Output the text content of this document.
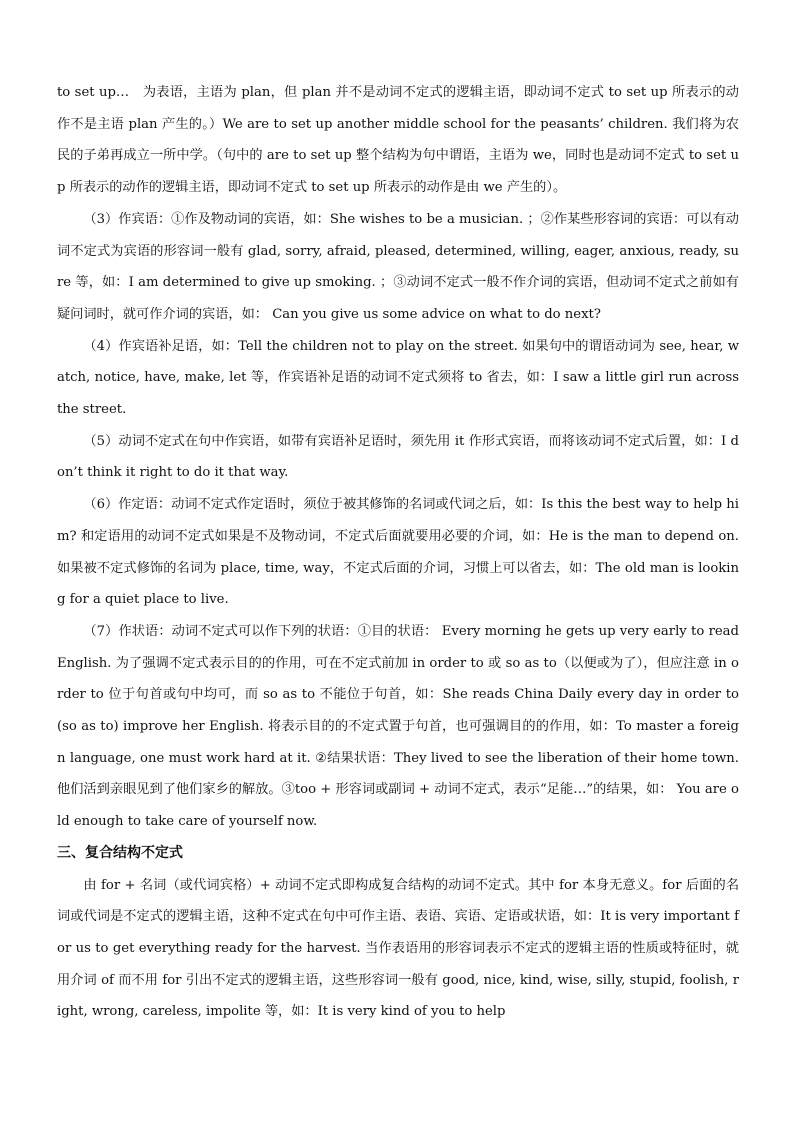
to set up…　为表语，主语为 plan，但 plan 并不是动词不定式的逻辑主语，即动词不定式 to set up 所表示的动作不是主语 plan 产生的。）We are to set up another middle school for the peasants’ children. 我们将为农民的子弟再成立一所中学。（句中的 are to set up 整个结构为句中谓语，主语为 we，同时也是动词不定式 to set up 所表示的动作的逻辑主语，即动词不定式 to set up 所表示的动作是由 we 产生的）。

（3）作宾语：①作及物动词的宾语，如：She wishes to be a musician. ；②作某些形容词的宾语：可以有动词不定式为宾语的形容词一般有 glad, sorry, afraid, pleased, determined, willing, eager, anxious, ready, sure 等，如：I am determined to give up smoking. ；③动词不定式一般不作介词的宾语，但动词不定式之前如有疑问词时，就可作介词的宾语，如： Can you give us some advice on what to do next?

（4）作宾语补足语，如：Tell the children not to play on the street. 如果句中的谓语动词为 see, hear, watch, notice, have, make, let 等，作宾语补足语的动词不定式须将 to 省去，如：I saw a little girl run across the street.

（5）动词不定式在句中作宾语，如带有宾语补足语时，须先用 it 作形式宾语，而将该动词不定式后置，如：I don’t think it right to do it that way.

（6）作定语：动词不定式作定语时，须位于被其修饰的名词或代词之后，如：Is this the best way to help him? 和定语用的动词不定式如果是不及物动词，不定式后面就要用必要的介词，如：He is the man to depend on. 如果被不定式修饰的名词为 place, time, way，不定式后面的介词，习惯上可以省去，如：The old man is looking for a quiet place to live.

（7）作状语：动词不定式可以作下列的状语：①目的状语： Every morning he gets up very early to read English. 为了强调不定式表示目的的作用，可在不定式前加 in order to 或 so as to（以便或为了），但应注意 in order to 位于句首或句中均可，而 so as to 不能位于句首，如：She reads China Daily every day in order to (so as to) improve her English. 将表示目的的不定式置于句首，也可强调目的的作用，如：To master a foreign language, one must work hard at it. ②结果状语：They lived to see the liberation of their home town. 他们活到亲眼见到了他们家乡的解放。③too + 形容词或副词 + 动词不定式，表示“足能…”的结果，如： You are old enough to take care of yourself now.

三、复合结构不定式

由 for + 名词（或代词宾格）+ 动词不定式即构成复合结构的动词不定式。其中 for 本身无意义。for 后面的名词或代词是不定式的逻辑主语，这种不定式在句中可作主语、表语、宾语、定语或状语，如：It is very important for us to get everything ready for the harvest. 当作表语用的形容词表示不定式的逻辑主语的性质或特征时，就用介词 of 而不用 for 引出不定式的逻辑主语，这些形容词一般有 good, nice, kind, wise, silly, stupid, foolish, right, wrong, careless, impolite 等，如：It is very kind of you to help
